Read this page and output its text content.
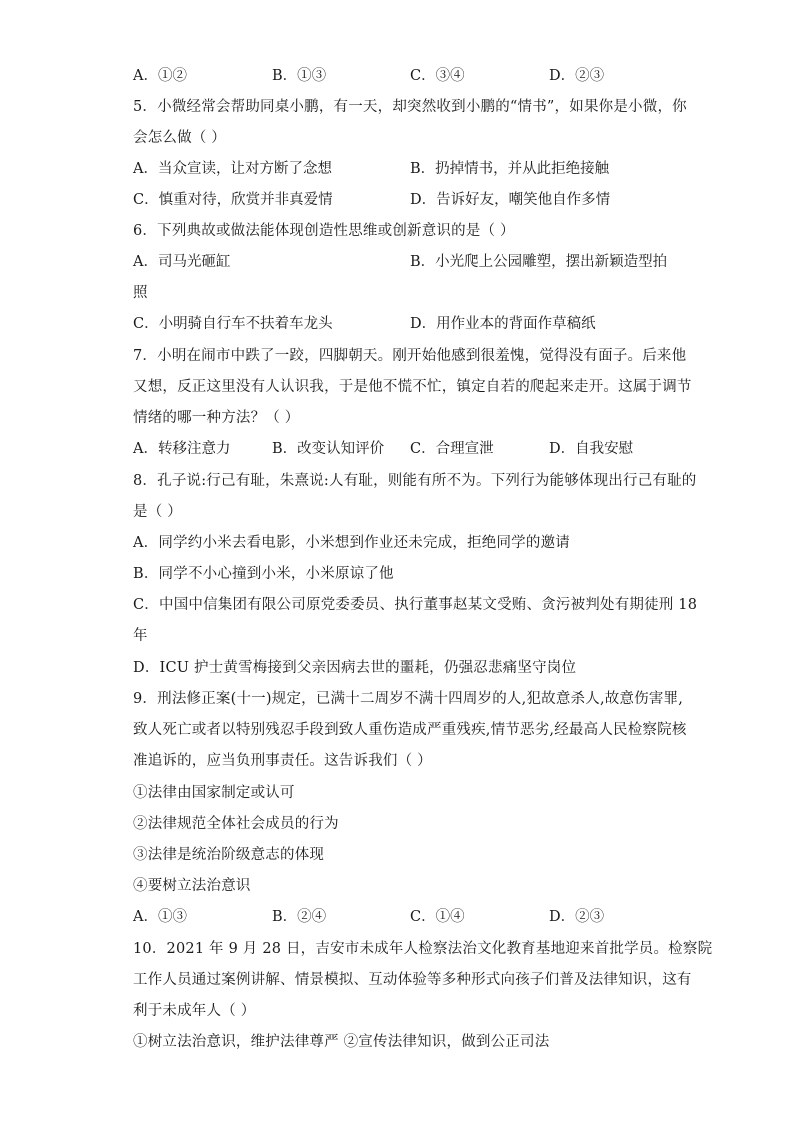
A．①②	B．①③	C．③④	D．②③
5．小微经常会帮助同桌小鹏，有一天，却突然收到小鹏的“情书”，如果你是小微，你
会怎么做（ ）
A．当众宣读，让对方断了念想	B．扔掉情书，并从此拒绝接触
C．慎重对待，欣赏并非真爱情	D．告诉好友，嘲笑他自作多情
6．下列典故或做法能体现创造性思维或创新意识的是（ ）
A．司马光砸缸	B．小光爬上公园雕塑，摆出新颖造型拍
照
C．小明骑自行车不扶着车龙头	D．用作业本的背面作草稿纸
7．小明在闹市中跌了一跤，四脚朝天。刚开始他感到很羞愧，觉得没有面子。后来他
又想，反正这里没有人认识我，于是他不慌不忙，镇定自若的爬起来走开。这属于调节
情绪的哪一种方法？（ ）
A．转移注意力	B．改变认知评价 C．合理宣泄	D．自我安慰
8．孔子说:行己有耻，朱熹说:人有耻，则能有所不为。下列行为能够体现出行己有耻的
是（ ）
A．同学约小米去看电影，小米想到作业还未完成，拒绝同学的邀请
B．同学不小心撞到小米，小米原谅了他
C．中国中信集团有限公司原党委委员、执行董事赵某文受贿、贪污被判处有期徒刑 18
年
D．ICU 护士黄雪梅接到父亲因病去世的噩耗，仍强忍悲痛坚守岗位
9．刑法修正案(十一)规定，已满十二周岁不满十四周岁的人,犯故意杀人,故意伤害罪,
致人死亡或者以特别残忍手段到致人重伤造成严重残疾,情节恶劣,经最高人民检察院核
准追诉的，应当负刑事责任。这告诉我们（ ）
①法律由国家制定或认可
②法律规范全体社会成员的行为
③法律是统治阶级意志的体现
④要树立法治意识
A．①③	B．②④	C．①④	D．②③
10．2021 年 9 月 28 日，吉安市未成年人检察法治文化教育基地迎来首批学员。检察院
工作人员通过案例讲解、情景模拟、互动体验等多种形式向孩子们普及法律知识，这有
利于未成年人（ ）
①树立法治意识，维护法律尊严 ②宣传法律知识，做到公正司法
